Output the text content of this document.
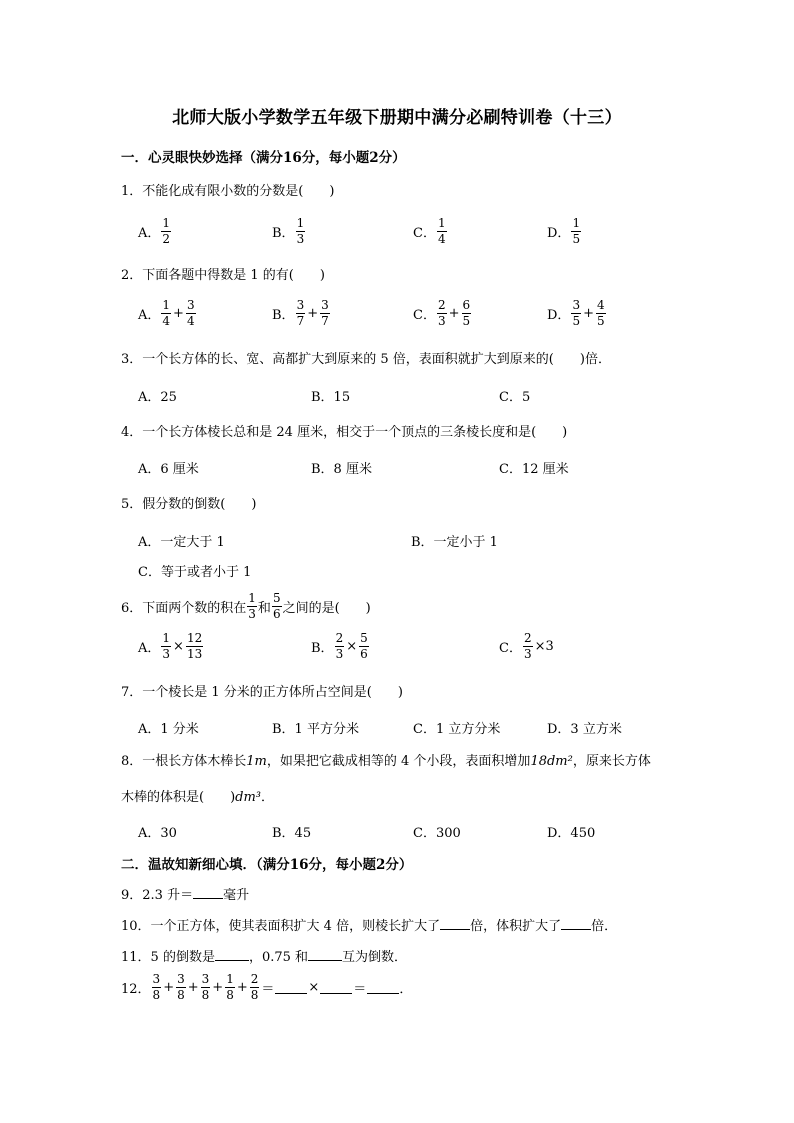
北师大版小学数学五年级下册期中满分必刷特训卷（十三）
一．心灵眼快妙选择（满分16分，每小题2分）
1．不能化成有限小数的分数是(　　)
A． $\frac{1}{2}$	B． $\frac{1}{3}$	C． $\frac{1}{4}$	D． $\frac{1}{5}$
2．下面各题中得数是 1 的有(　　)
A． $\frac{1}{4} + \frac{3}{4}$	B． $\frac{3}{7} + \frac{3}{7}$	C． $\frac{2}{3} + \frac{6}{5}$	D． $\frac{3}{5} + \frac{4}{5}$
3．一个长方体的长、宽、高都扩大到原来的 5 倍，表面积就扩大到原来的(　　)倍．
A．25	B．15	C．5
4．一个长方体棱长总和是 24 厘米，相交于一个顶点的三条棱长度和是(　　)
A．6 厘米	B．8 厘米	C．12 厘米
5．假分数的倒数(　　)
A．一定大于 1	B．一定小于 1
C．等于或者小于 1
6．下面两个数的积在 $\frac{1}{3}$ 和 $\frac{5}{6}$ 之间的是(　　)
A． $\frac{1}{3} \times \frac{12}{13}$	B． $\frac{2}{3} \times \frac{5}{6}$	C． $\frac{2}{3} \times 3$
7．一个棱长是 1 分米的正方体所占空间是(　　)
A．1 分米	B．1 平方分米	C．1 立方分米	D．3 立方米
8．一根长方体木棒长1m，如果把它截成相等的 4 个小段，表面积增加18dm²，原来长方体
木棒的体积是(　　)dm³．
A．30	B．45	C．300	D．450
二．温故知新细心填．（满分16分，每小题2分）
9．2.3 升＝ 毫升
10．一个正方体，使其表面积扩大 4 倍，则棱长扩大了 倍，体积扩大了 倍．
11．5 的倒数是	，0.75 和	互为倒数．
12． $\frac{3}{8} + \frac{3}{8} + \frac{3}{8} + \frac{1}{8} + \frac{2}{8}$ ＝	×	＝	．
